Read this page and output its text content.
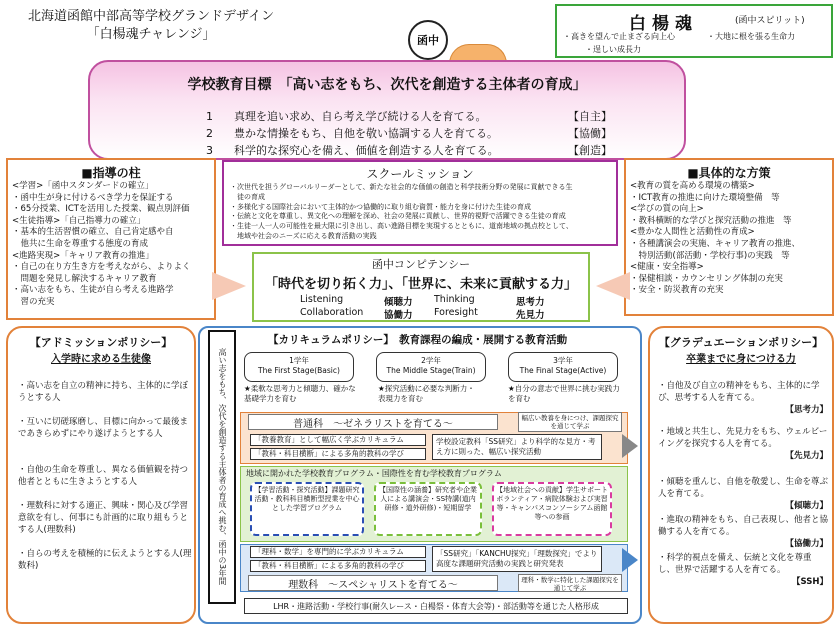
北海道函館中部高等学校グランドデザイン
「白楊魂チャレンジ」
白楊魂	(函中スピリット)
・高きを望んで止まざる向上心	・大地に根を張る生命力
・逞しい成長力
函中
学校教育目標　「高い志をもち、次代を創造する主体者の育成」
1 真理を追い求め、自ら考え学び続ける人を育てる。	【自主】
2 豊かな情操をもち、自他を敬い協調する人を育てる。	【協働】
3 科学的な探究心を備え、価値を創造する人を育てる。	【創造】
■指導の柱
<学習>「函中スタンダードの確立」
・函中生が身に付けるべき学力を保証する
・65分授業、ICTを活用した授業、観点別評価
<生徒指導>「自己指導力の確立」
・基本的生活習慣の確立、自己肯定感や自
　他共に生命を尊重する態度の育成
<進路実現>「キャリア教育の推進」
・自己の在り方生き方を考えながら、よりよく
　問題を発見し解決するキャリア教育
・高い志をもち、生徒が自ら考える進路学
　習の充実
■具体的な方策
<教育の質を高める環境の構築>
・ICT教育の推進に向けた環境整備　等
<学びの質の向上>
・教科横断的な学びと探究活動の推進　等
<豊かな人間性と活動性の育成>
・各種講演会の実施、キャリア教育の推進、
　特別活動(部活動・学校行事)の実践　等
<健康・安全指導>
・保健相談・カウンセリング体制の充実
・安全・防災教育の充実
スクールミッション
・次世代を担うグローバルリーダーとして、新たな社会的な価値の創造と科学技術分野の発展に貢献できる生
　徒の育成
・多様化する国際社会において主体的かつ協働的に取り組む資質・能力を身に付けた生徒の育成
・伝統と文化を尊重し、異文化への理解を深め、社会の発展に貢献し、世界的視野で活躍できる生徒の育成
・生徒一人一人の可能性を最大限に引き出し、高い進路目標を実現するとともに、道南地域の拠点校として、
　地域や社会のニーズに応える教育活動の実践
函中コンピテンシー
「時代を切り拓く力」、「世界に、未来に貢献する力」
Listening	傾聴力 Thinking	思考力
Collaboration 協働力 Foresight	先見力
【アドミッションポリシー】
入学時に求める生徒像
・高い志を自立の精神に持ち、主体的に学ぼうとする人
・互いに切磋琢磨し、目標に向かって最後まであきらめずにやり遂げようとする人
・自他の生命を尊重し、異なる価値観を持つ他者とともに生きようとする人
・理数科に対する適正、興味・関心及び学習意欲を有し、何事にも計画的に取り組もうとする人(理数科)
・自らの考えを積極的に伝えようとする人(理数科)
【グラデュエーションポリシー】
卒業までに身につける力
・自他及び自立の精神をもち、主体的に学び、思考する人を育てる。
【思考力】
・地域と共生し、先見力をもち、ウェルビーイングを探究する人を育てる。
【先見力】
・傾聴を重んじ、自他を敬愛し、生命を尊ぶ人を育てる。
【傾聴力】
・進取の精神をもち、自己表現し、他者と協働する人を育てる。
【協働力】
・科学的視点を備え、伝統と文化を尊重し、世界で活躍する人を育てる。
【SSH】
高い志をもち、次代を創造する主体者の育成へ挑む、函中の3年間
【カリキュラムポリシー】　教育課程の編成・展開する教育活動
1学年
The First Stage(Basic)
2学年
The Middle Stage(Train)
3学年
The Final Stage(Active)
★柔軟な思考力と傾聴力、確かな基礎学力を育む
★探究活動に必要な判断力・表現力を育む
★自分の意志で世界に挑む実践力を育む
普通科　～ゼネラリストを育てる～
幅広い教養を身につけ、課題探究を通じて学ぶ
「教養教育」として幅広く学ぶカリキュラム
「教科・科目横断」による多角的教科の学び
学校設定教科「SS研究」より科学的な見方・考え方に則った、幅広い探究活動
地域に開かれた学校教育プログラム・国際性を育む学校教育プログラム
【学習活動・探究活動】課題研究活動・教科科目横断型授業を中心とした学習プログラム
【国際性の涵養】研究者や企業人による講演会・SS特講(道内研修・道外研修)・短期留学
【地域社会への貢献】学生サポートボランティア・病院体験および実習等・キャンパスコンソーシアム函館等への参画
「理科・数学」を専門的に学ぶカリキュラム
「教科・科目横断」による多角的教科の学び
「SS研究」「KANCHU探究」「理数探究」でより高度な課題研究活動の実践と研究発表
理数科　～スペシャリストを育てる～	理科・数学に特化した課題探究を通じて学ぶ
LHR・進路活動・学校行事(耐久レース・白楊祭・体育大会等)・部活動等を通じた人格形成
